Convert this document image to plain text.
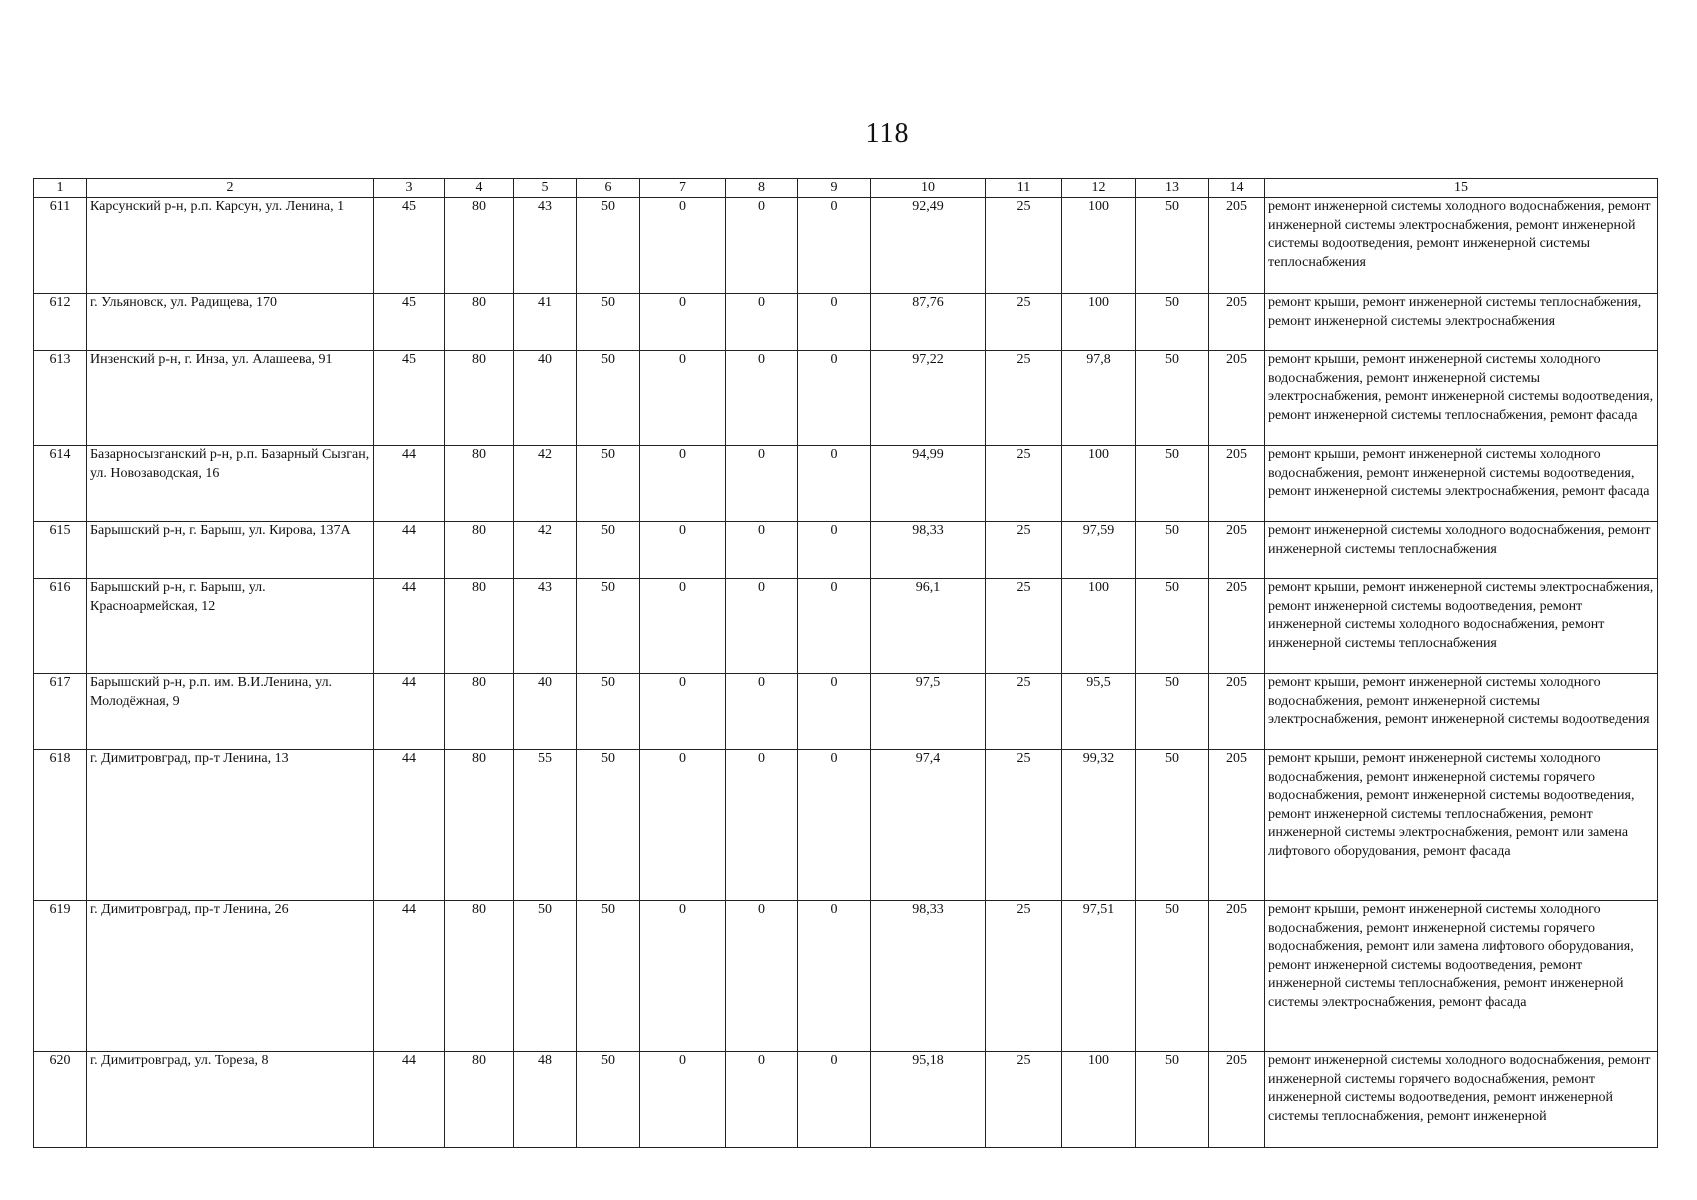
118
1	2	3	4	5	6	7	8	9	10	11	12	13	14	15
611	Карсунский р-н, р.п. Карсун, ул. Ленина, 1	45	80	43	50	0	0	0	92,49	25	100	50	205	ремонт инженерной системы холодного водоснабжения, ремонт инженерной системы электроснабжения, ремонт инженерной системы водоотведения, ремонт инженерной системы теплоснабжения
612	г. Ульяновск, ул. Радищева, 170	45	80	41	50	0	0	0	87,76	25	100	50	205	ремонт крыши, ремонт инженерной системы теплоснабжения, ремонт инженерной системы электроснабжения
613	Инзенский р-н, г. Инза, ул. Алашеева, 91	45	80	40	50	0	0	0	97,22	25	97,8	50	205	ремонт крыши, ремонт инженерной системы холодного водоснабжения, ремонт инженерной системы электроснабжения, ремонт инженерной системы водоотведения, ремонт инженерной системы теплоснабжения, ремонт фасада
614	Базарносызганский р-н, р.п. Базарный Сызган, ул. Новозаводская, 16	44	80	42	50	0	0	0	94,99	25	100	50	205	ремонт крыши, ремонт инженерной системы холодного водоснабжения, ремонт инженерной системы водоотведения, ремонт инженерной системы электроснабжения, ремонт фасада
615	Барышский р-н, г. Барыш, ул. Кирова, 137А	44	80	42	50	0	0	0	98,33	25	97,59	50	205	ремонт инженерной системы холодного водоснабжения, ремонт инженерной системы теплоснабжения
616	Барышский р-н, г. Барыш, ул. Красноармейская, 12	44	80	43	50	0	0	0	96,1	25	100	50	205	ремонт крыши, ремонт инженерной системы электроснабжения, ремонт инженерной системы водоотведения, ремонт инженерной системы холодного водоснабжения, ремонт инженерной системы теплоснабжения
617	Барышский р-н, р.п. им. В.И.Ленина, ул. Молодёжная, 9	44	80	40	50	0	0	0	97,5	25	95,5	50	205	ремонт крыши, ремонт инженерной системы холодного водоснабжения, ремонт инженерной системы электроснабжения, ремонт инженерной системы водоотведения
618	г. Димитровград, пр-т Ленина, 13	44	80	55	50	0	0	0	97,4	25	99,32	50	205	ремонт крыши, ремонт инженерной системы холодного водоснабжения, ремонт инженерной системы горячего водоснабжения, ремонт инженерной системы водоотведения, ремонт инженерной системы теплоснабжения, ремонт инженерной системы электроснабжения, ремонт или замена лифтового оборудования, ремонт фасада
619	г. Димитровград, пр-т Ленина, 26	44	80	50	50	0	0	0	98,33	25	97,51	50	205	ремонт крыши, ремонт инженерной системы холодного водоснабжения, ремонт инженерной системы горячего водоснабжения, ремонт или замена лифтового оборудования, ремонт инженерной системы водоотведения, ремонт инженерной системы теплоснабжения, ремонт инженерной системы электроснабжения, ремонт фасада
620	г. Димитровград, ул. Тореза, 8	44	80	48	50	0	0	0	95,18	25	100	50	205	ремонт инженерной системы холодного водоснабжения, ремонт инженерной системы горячего водоснабжения, ремонт инженерной системы водоотведения, ремонт инженерной системы теплоснабжения, ремонт инженерной
